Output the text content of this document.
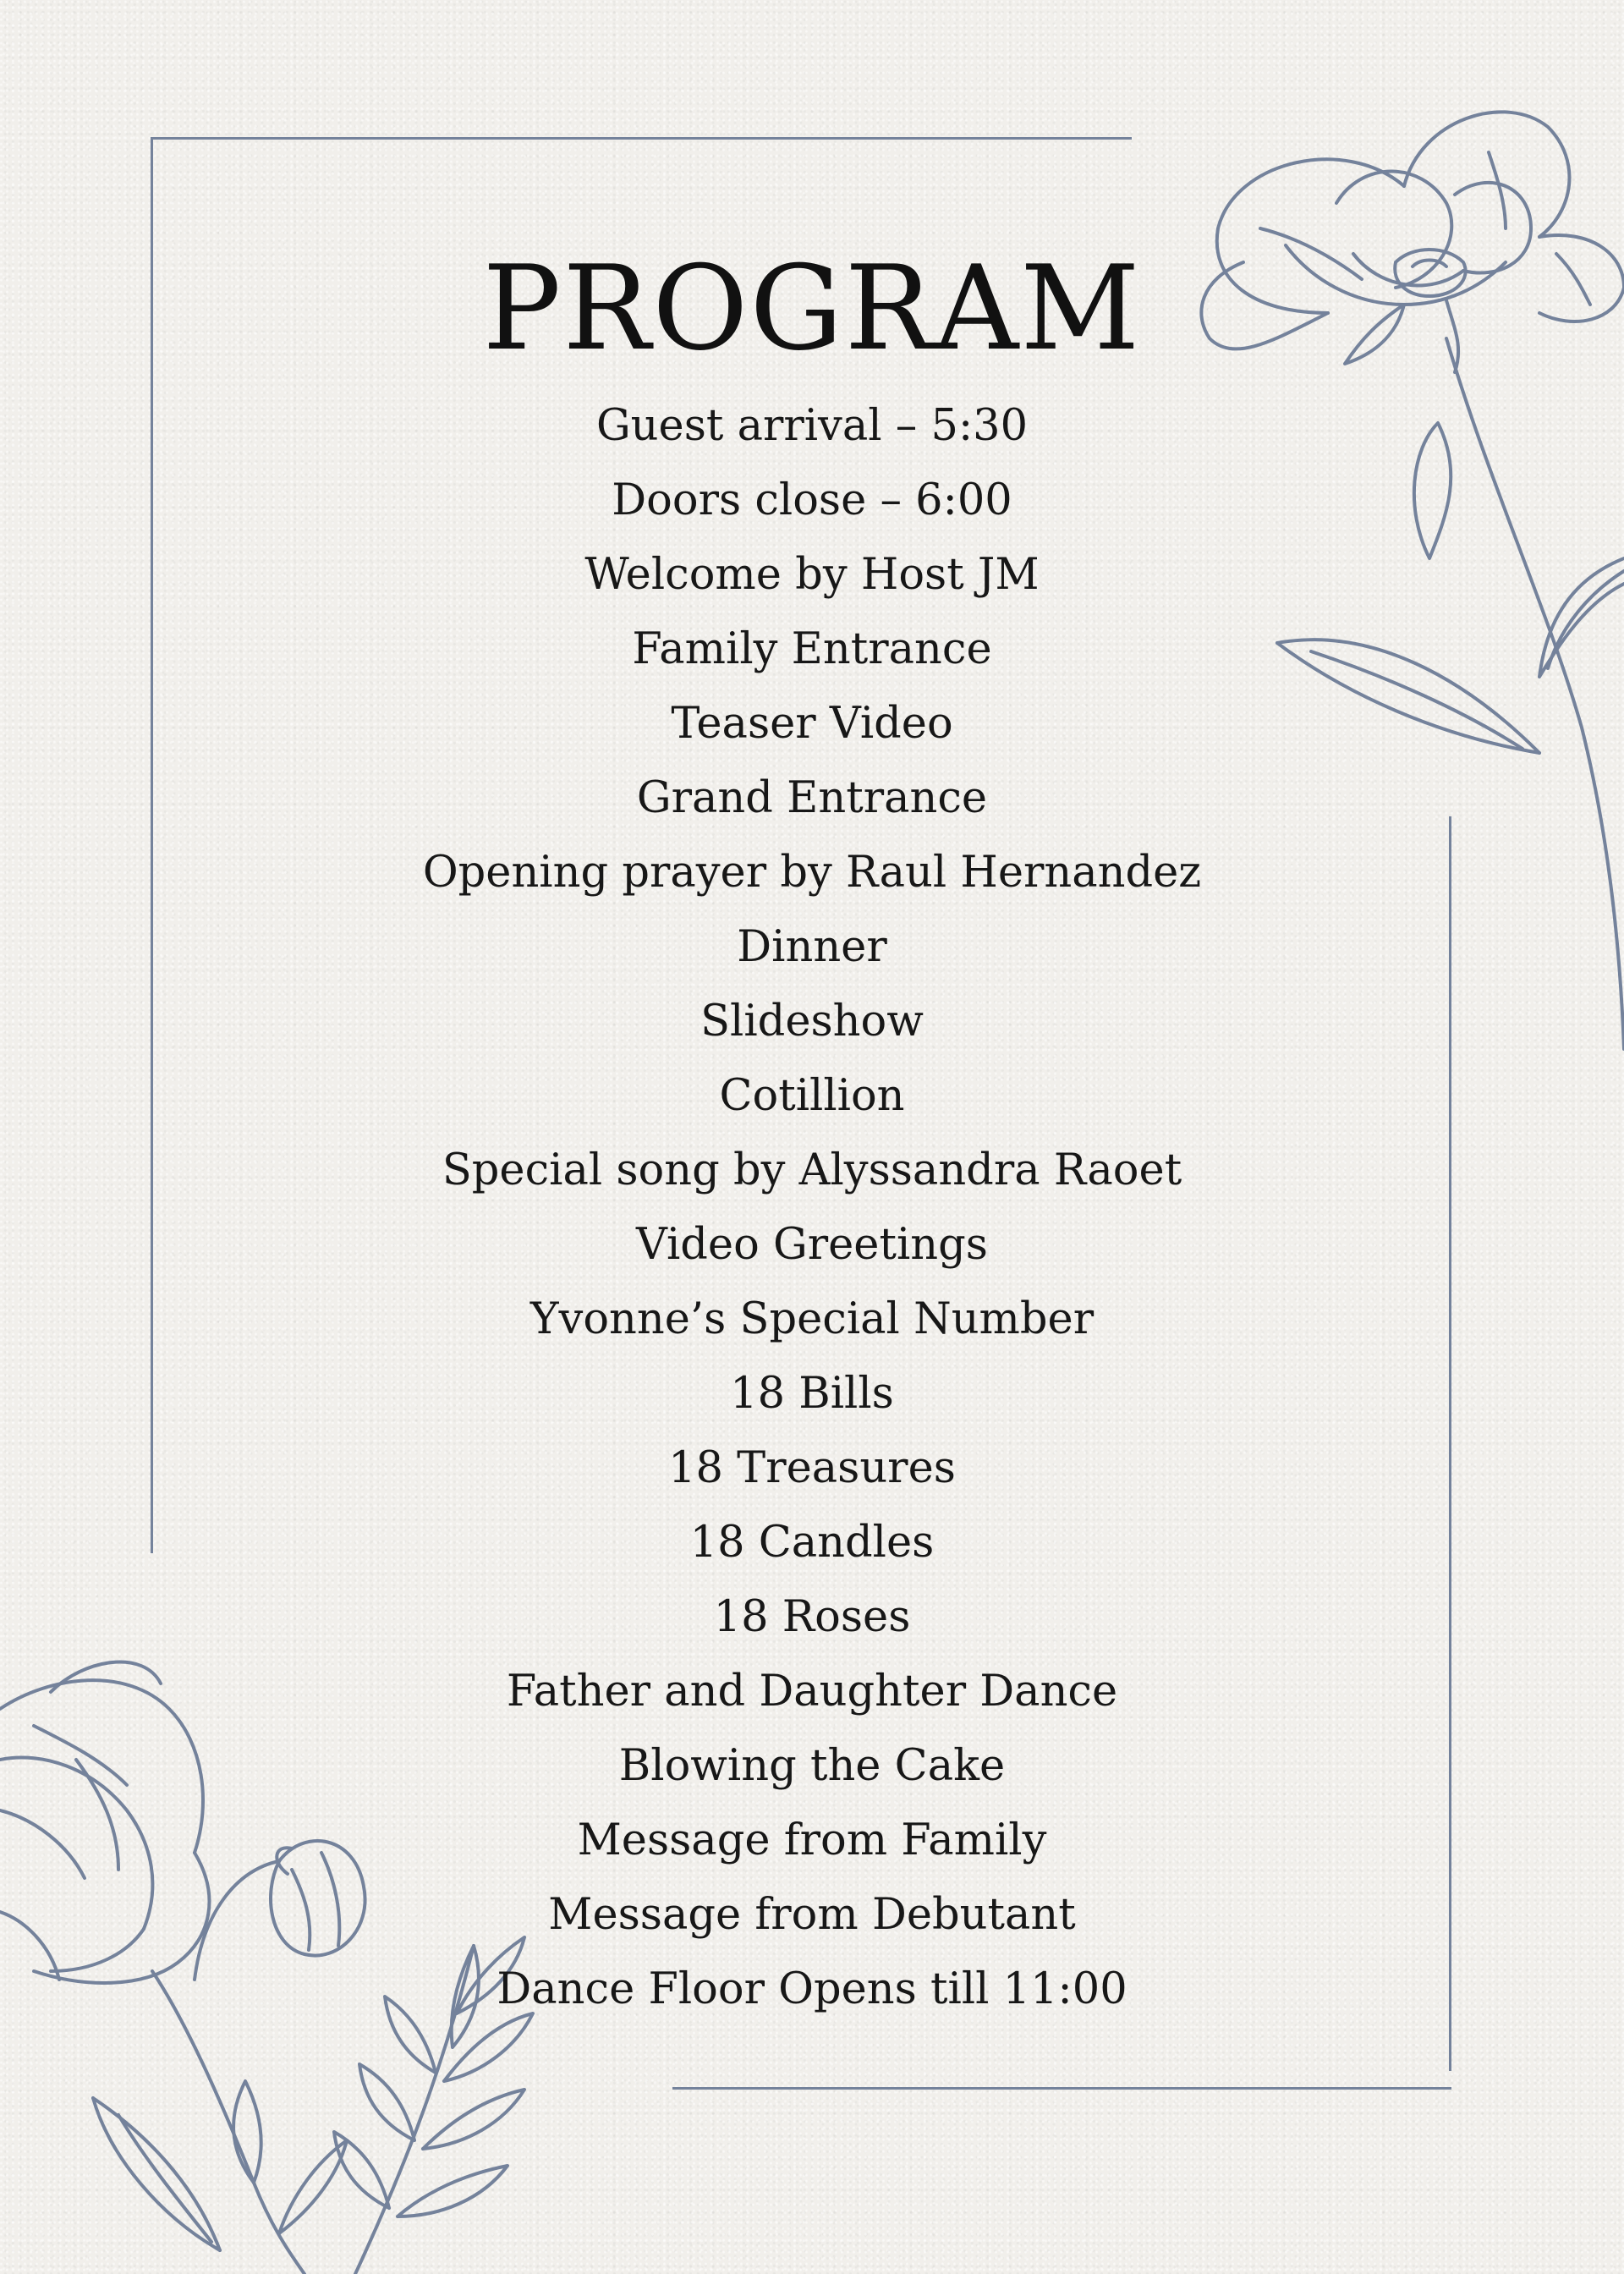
PROGRAM
Guest arrival – 5:30
Doors close – 6:00
Welcome by Host JM
Family Entrance
Teaser Video
Grand Entrance
Opening prayer by Raul Hernandez
Dinner
Slideshow
Cotillion
Special song by Alyssandra Raoet
Video Greetings
Yvonne’s Special Number
18 Bills
18 Treasures
18 Candles
18 Roses
Father and Daughter Dance
Blowing the Cake
Message from Family
Message from Debutant
Dance Floor Opens till 11:00
